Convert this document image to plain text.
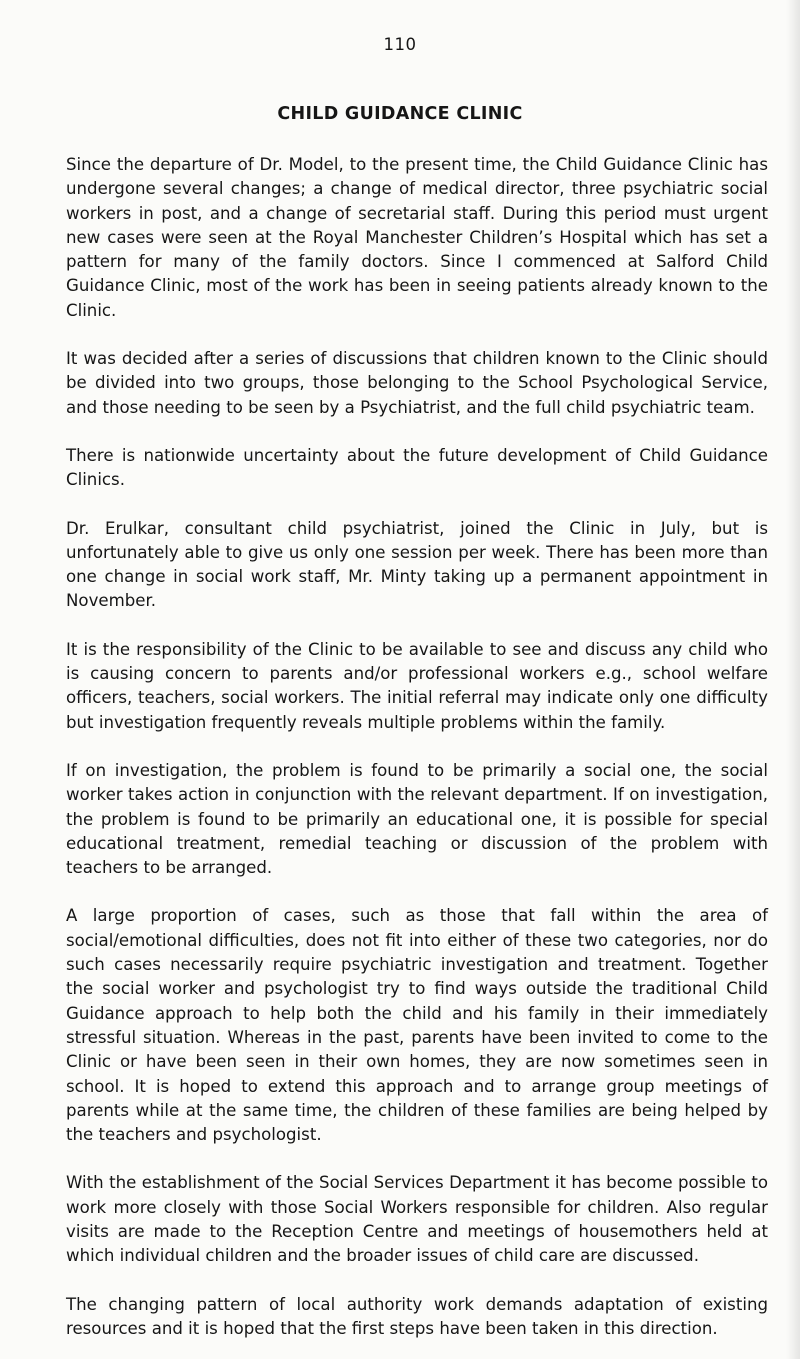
110
CHILD GUIDANCE CLINIC

Since the departure of Dr. Model, to the present time, the Child Guidance Clinic has undergone several changes; a change of medical director, three psychiatric social workers in post, and a change of secretarial staff. During this period must urgent new cases were seen at the Royal Manchester Children’s Hospital which has set a pattern for many of the family doctors. Since I commenced at Salford Child Guidance Clinic, most of the work has been in seeing patients already known to the Clinic.

It was decided after a series of discussions that children known to the Clinic should be divided into two groups, those belonging to the School Psychological Service, and those needing to be seen by a Psychiatrist, and the full child psychiatric team.

There is nationwide uncertainty about the future development of Child Guidance Clinics.

Dr. Erulkar, consultant child psychiatrist, joined the Clinic in July, but is unfortunately able to give us only one session per week. There has been more than one change in social work staff, Mr. Minty taking up a permanent appointment in November.

It is the responsibility of the Clinic to be available to see and discuss any child who is causing concern to parents and/or professional workers e.g., school welfare officers, teachers, social workers. The initial referral may indicate only one difficulty but investigation frequently reveals multiple problems within the family.

If on investigation, the problem is found to be primarily a social one, the social worker takes action in conjunction with the relevant department. If on investigation, the problem is found to be primarily an educational one, it is possible for special educational treatment, remedial teaching or discussion of the problem with teachers to be arranged.

A large proportion of cases, such as those that fall within the area of social/emotional difficulties, does not fit into either of these two categories, nor do such cases necessarily require psychiatric investigation and treatment. Together the social worker and psychologist try to find ways outside the traditional Child Guidance approach to help both the child and his family in their immediately stressful situation. Whereas in the past, parents have been invited to come to the Clinic or have been seen in their own homes, they are now sometimes seen in school. It is hoped to extend this approach and to arrange group meetings of parents while at the same time, the children of these families are being helped by the teachers and psychologist.

With the establishment of the Social Services Department it has become possible to work more closely with those Social Workers responsible for children. Also regular visits are made to the Reception Centre and meetings of housemothers held at which individual children and the broader issues of child care are discussed.

The changing pattern of local authority work demands adaptation of existing resources and it is hoped that the first steps have been taken in this direction.
